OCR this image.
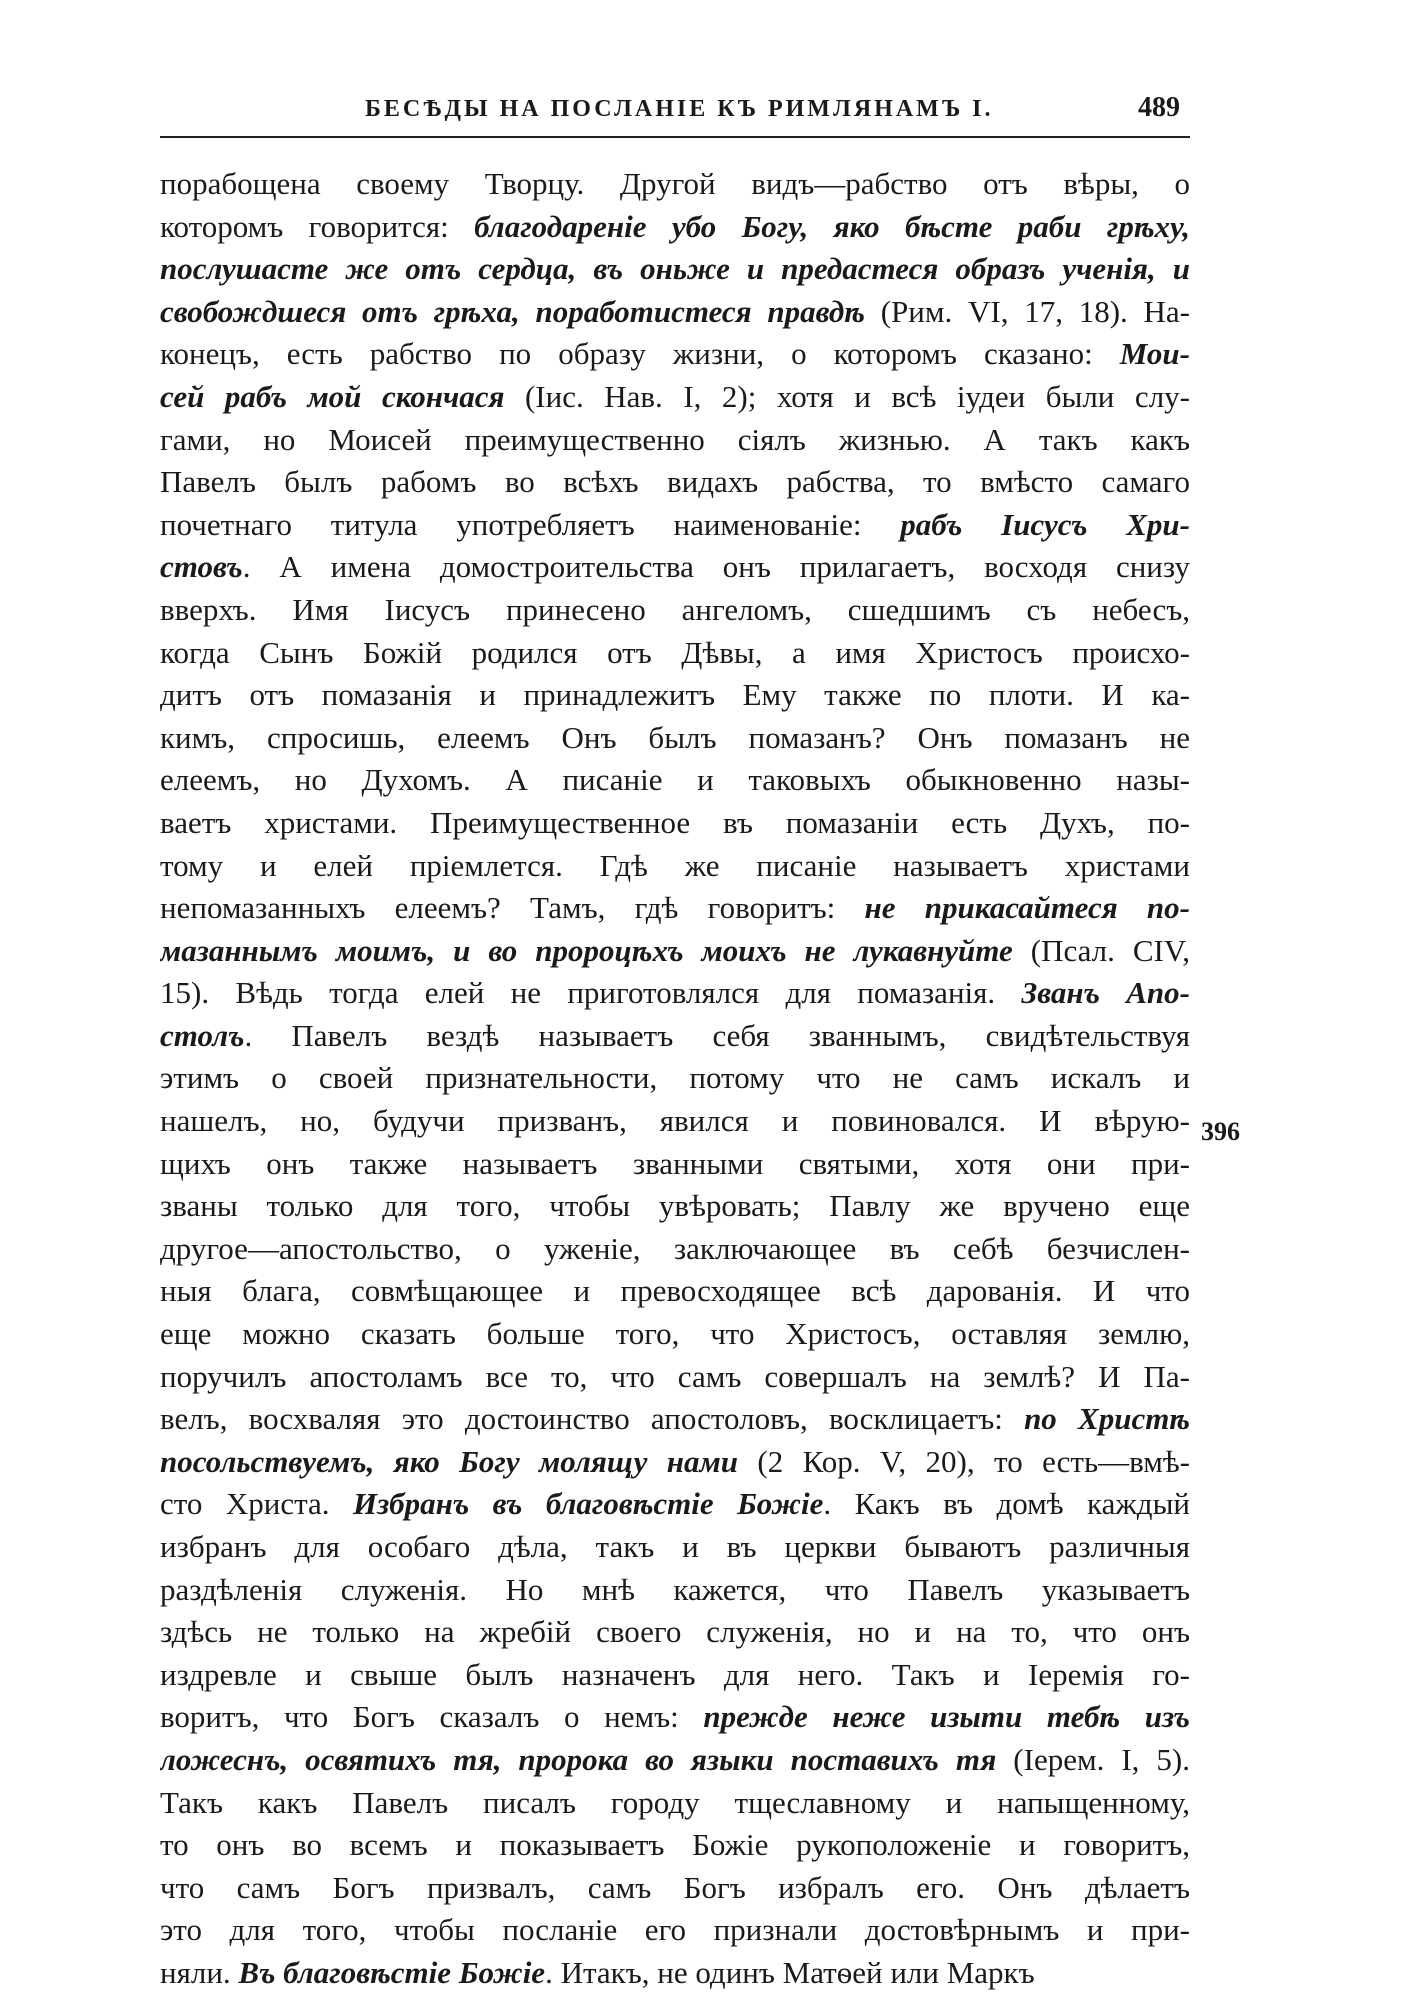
БЕСѢДЫ НА ПОСЛАНІЕ КЪ РИМЛЯНАМЪ I.	489
порабощена своему Творцу. Другой видъ—рабство отъ вѣры, о
которомъ говорится: благодареніе убо Богу, яко бѣсте раби грѣху,
послушасте же отъ сердца, въ оньже и предастеся образъ ученія, и
свобождшеся отъ грѣха, поработистеся правдѣ (Рим. VI, 17, 18). На-
конецъ, есть рабство по образу жизни, о которомъ сказано: Мои-
сей рабъ мой скончася (Іис. Нав. I, 2); хотя и всѣ іудеи были слу-
гами, но Моисей преимущественно сіялъ жизнью. А такъ какъ
Павелъ былъ рабомъ во всѣхъ видахъ рабства, то вмѣсто самаго
почетнаго титула употребляетъ наименованіе: рабъ Іисусъ Хри-
стовъ. А имена домостроительства онъ прилагаетъ, восходя снизу
вверхъ. Имя Іисусъ принесено ангеломъ, сшедшимъ съ небесъ,
когда Сынъ Божій родился отъ Дѣвы, а имя Христосъ происхо-
дитъ отъ помазанія и принадлежитъ Ему также по плоти. И ка-
кимъ, спросишь, елеемъ Онъ былъ помазанъ? Онъ помазанъ не
елеемъ, но Духомъ. А писаніе и таковыхъ обыкновенно назы-
ваетъ христами. Преимущественное въ помазаніи есть Духъ, по-
тому и елей пріемлется. Гдѣ же писаніе называетъ христами
непомазанныхъ елеемъ? Тамъ, гдѣ говоритъ: не прикасайтеся по-
мазаннымъ моимъ, и во пророцѣхъ моихъ не лукавнуйте (Псал. CIV,
15). Вѣдь тогда елей не приготовлялся для помазанія. Званъ Апо-
столъ. Павелъ вездѣ называетъ себя званнымъ, свидѣтельствуя
этимъ о своей признательности, потому что не самъ искалъ и
нашелъ, но, будучи призванъ, явился и повиновался. И вѣрую-
щихъ онъ также называетъ званными святыми, хотя они при-
званы только для того, чтобы увѣровать; Павлу же вручено еще
другое—апостольство, о уженіе, заключающее въ себѣ безчислен-
ныя блага, совмѣщающее и превосходящее всѣ дарованія. И что
еще можно сказать больше того, что Христосъ, оставляя землю,
поручилъ апостоламъ все то, что самъ совершалъ на землѣ? И Па-
велъ, восхваляя это достоинство апостоловъ, восклицаетъ: по Христѣ
посольствуемъ, яко Богу молящу нами (2 Кор. V, 20), то есть—вмѣ-
сто Христа. Избранъ въ благовѣстіе Божіе. Какъ въ домѣ каждый
избранъ для особаго дѣла, такъ и въ церкви бываютъ различныя
раздѣленія служенія. Но мнѣ кажется, что Павелъ указываетъ
здѣсь не только на жребій своего служенія, но и на то, что онъ
издревле и свыше былъ назначенъ для него. Такъ и Іеремія го-
воритъ, что Богъ сказалъ о немъ: прежде неже изыти тебѣ изъ
ложеснъ, освятихъ тя, пророка во языки поставихъ тя (Іерем. I, 5).
Такъ какъ Павелъ писалъ городу тщеславному и напыщенному,
то онъ во всемъ и показываетъ Божіе рукоположеніе и говоритъ,
что самъ Богъ призвалъ, самъ Богъ избралъ его. Онъ дѣлаетъ
это для того, чтобы посланіе его признали достовѣрнымъ и при-
няли. Въ благовѣстіе Божіе. Итакъ, не одинъ Матѳей или Маркъ
396
